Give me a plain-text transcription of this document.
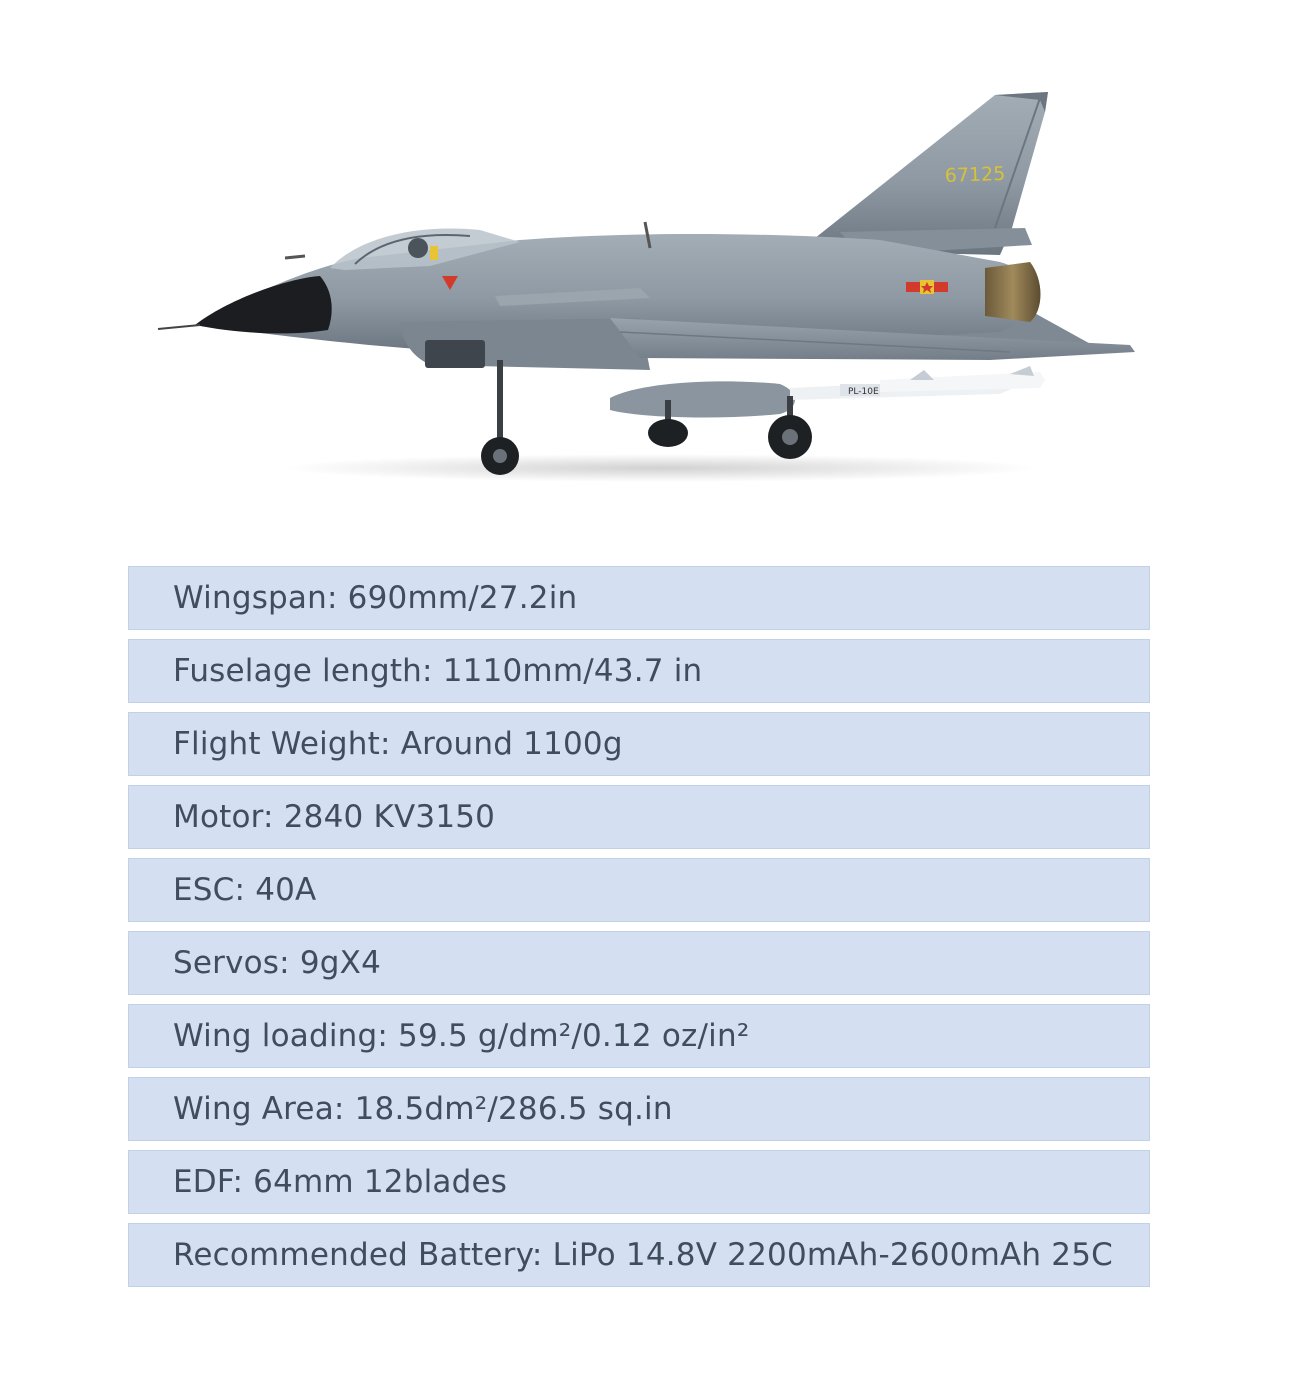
67125
PL-10E
Wingspan: 690mm/27.2in
Fuselage length: 1110mm/43.7 in
Flight Weight: Around 1100g
Motor: 2840 KV3150
ESC: 40A
Servos: 9gX4
Wing loading: 59.5 g/dm²/0.12 oz/in²
Wing Area: 18.5dm²/286.5 sq.in
EDF: 64mm 12blades
Recommended Battery: LiPo 14.8V 2200mAh-2600mAh 25C
